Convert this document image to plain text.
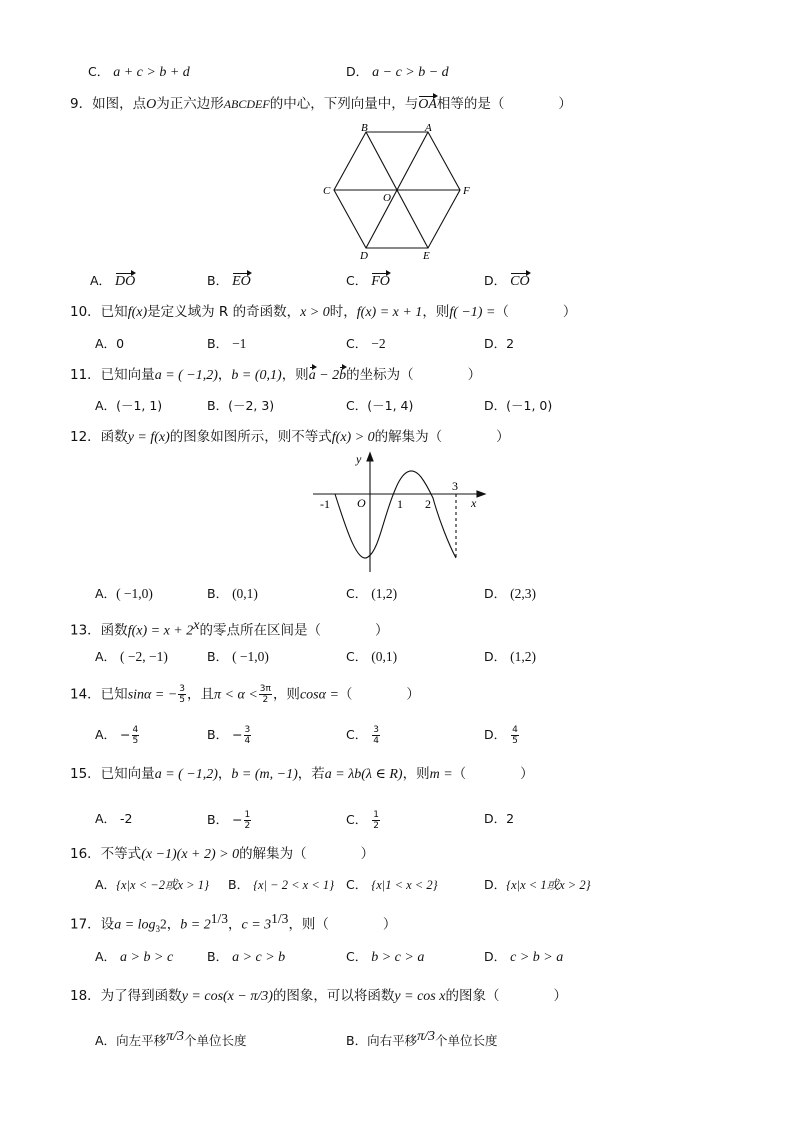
C． a + c > b + d	D． a − c > b − d
9．如图，点O为正六边形ABCDEF的中心，下列向量中，与OA相等的是（　　　　）
B	A
C	F
O
D	E
A． DO	B． EO	C． FO	D． CO
10．已知f(x)是定义域为 R 的奇函数，x > 0时，f(x) = x + 1，则f( −1) =（　　　　）
A．0	B． −1	C． −2	D．2
11．已知向量a = ( −1,2)，b = (0,1)，则a − 2b的坐标为（　　　　）
A．(－1, 1)	B．(－2, 3)	C．(－1, 4)	D．(－1, 0)
12．函数y = f(x)的图象如图所示，则不等式f(x) > 0的解集为（　　　　）
y
x
O
-1	1 2
3
A．( −1,0)	B． (0,1)	C． (1,2)	D． (2,3)
13．函数$f(x) = x + 2^x$的零点所在区间是（　　　　）
A． ( −2, −1)	B． ( −1,0)	C． (0,1)	D． (1,2)
14．已知sinα = − $\frac{3}{5}$ ，且$\pi < \alpha < \frac{3\pi}{2}$ ，则cosα =（　　　　）
A． − $\frac{4}{5}$	B． − $\frac{3}{4}$	C． $\frac{3}{4}$	D． $\frac{4}{5}$
15．已知向量a = ( −1,2)，b = (m, −1)，若a = λb(λ ∈ R)，则m =（　　　　）
A． -2	B． − $\frac{1}{2}$	C． $\frac{1}{2}$	D．2
16．不等式(x −1)(x + 2) > 0的解集为（　　　　）
A．{x|x < −2或x > 1} B． {x| − 2 < x < 1} C． {x|1 < x < 2}	D．{x|x < 1或x > 2}
17．设$a = \log_32$，$b = 2^{1/3}$，$c = 3^{1/3}$，则（　　　　）
A． a > b > c	B． a > c > b	C． b > c > a	D． c > b > a
18．为了得到函数y = cos(x − π/3)的图象，可以将函数y = cos x的图象（　　　　）
A．向左平移$^{\pi/3}$个单位长度	B．向右平移$^{\pi/3}$个单位长度
